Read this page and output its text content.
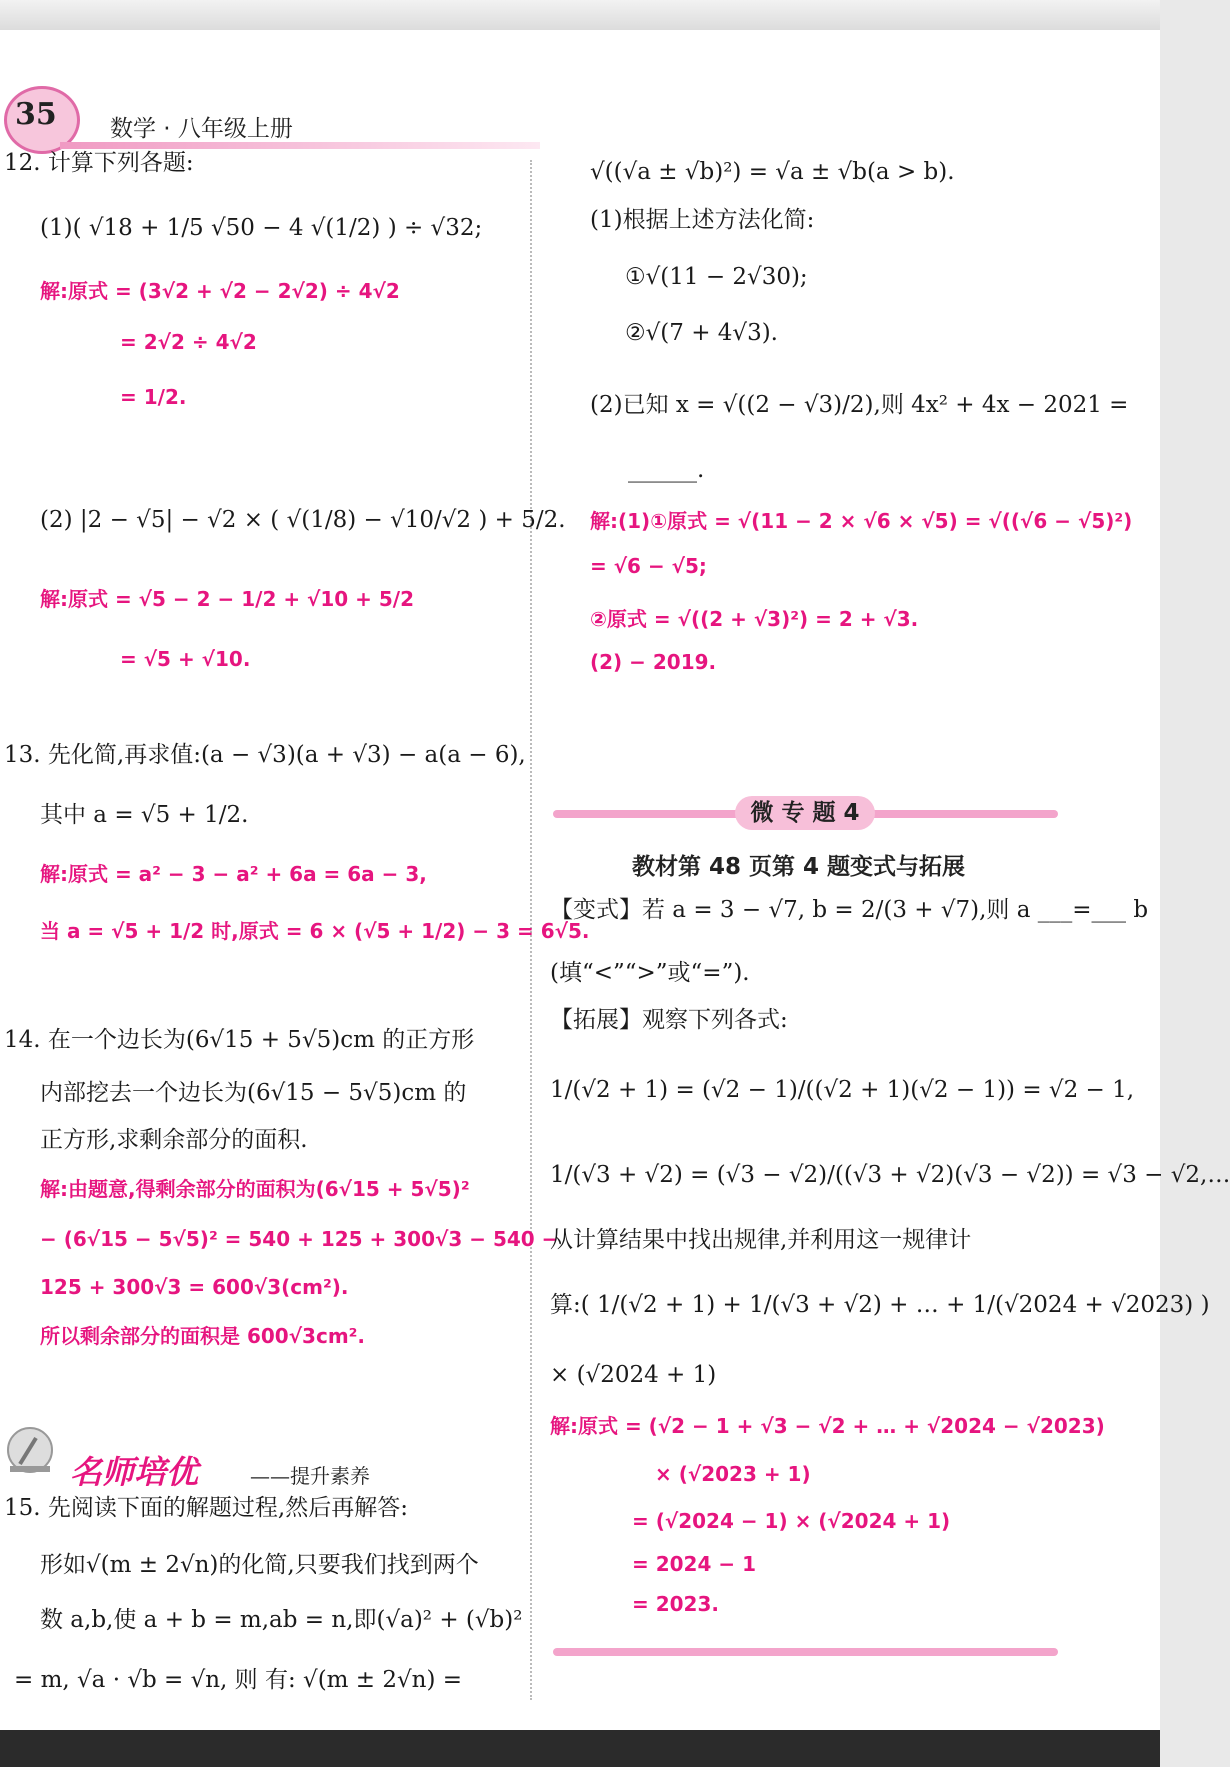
35 数学 · 八年级上册
12. 计算下列各题:
(1)( √18 + 1/5 √50 − 4 √(1/2) ) ÷ √32;
解:原式 = (3√2 + √2 − 2√2) ÷ 4√2
= 2√2 ÷ 4√2
= 1/2.
(2) |2 − √5| − √2 × ( √(1/8) − √10/√2 ) + 5/2.
解:原式 = √5 − 2 − 1/2 + √10 + 5/2
= √5 + √10.
13. 先化简,再求值:(a − √3)(a + √3) − a(a − 6),
其中 a = √5 + 1/2.
解:原式 = a² − 3 − a² + 6a = 6a − 3,
当 a = √5 + 1/2 时,原式 = 6 × (√5 + 1/2) − 3 = 6√5.
14. 在一个边长为(6√15 + 5√5)cm 的正方形
内部挖去一个边长为(6√15 − 5√5)cm 的
正方形,求剩余部分的面积.
解:由题意,得剩余部分的面积为(6√15 + 5√5)²
− (6√15 − 5√5)² = 540 + 125 + 300√3 − 540 −
125 + 300√3 = 600√3(cm²).
所以剩余部分的面积是 600√3cm².
15. 先阅读下面的解题过程,然后再解答:
形如√(m ± 2√n)的化简,只要我们找到两个
数 a,b,使 a + b = m,ab = n,即(√a)² + (√b)²
= m, √a · √b = √n, 则 有: √(m ± 2√n) =
√((√a ± √b)²) = √a ± √b(a > b).
(1)根据上述方法化简:
①√(11 − 2√30);
②√(7 + 4√3).
(2)已知 x = √((2 − √3)/2),则 4x² + 4x − 2021 =
______.
解:(1)①原式 = √(11 − 2 × √6 × √5) = √((√6 − √5)²)
= √6 − √5;
②原式 = √((2 + √3)²) = 2 + √3.
(2) − 2019.
【变式】若 a = 3 − √7, b = 2/(3 + √7),则 a ___=___ b
(填“<”“>”或“=”).
【拓展】观察下列各式:
1/(√2 + 1) = (√2 − 1)/((√2 + 1)(√2 − 1)) = √2 − 1,
1/(√3 + √2) = (√3 − √2)/((√3 + √2)(√3 − √2)) = √3 − √2,…
从计算结果中找出规律,并利用这一规律计
算:( 1/(√2 + 1) + 1/(√3 + √2) + … + 1/(√2024 + √2023) )
× (√2024 + 1)
解:原式 = (√2 − 1 + √3 − √2 + … + √2024 − √2023)
× (√2023 + 1)
= (√2024 − 1) × (√2024 + 1)
= 2024 − 1
= 2023.
微 专 题 4
教材第 48 页第 4 题变式与拓展
名师培优	——提升素养
